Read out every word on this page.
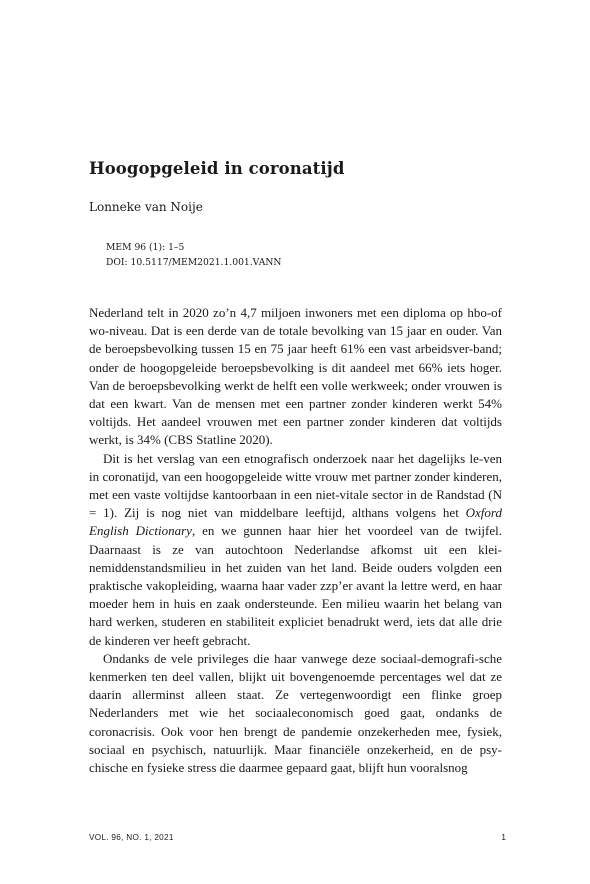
Hoogopgeleid in coronatijd
Lonneke van Noije
MEM 96 (1): 1–5
DOI: 10.5117/MEM2021.1.001.VANN

Nederland telt in 2020 zo’n 4,7 miljoen inwoners met een diploma op hbo-of wo-niveau. Dat is een derde van de totale bevolking van 15 jaar en ouder. Van de beroepsbevolking tussen 15 en 75 jaar heeft 61% een vast arbeidsver-band; onder de hoogopgeleide beroepsbevolking is dit aandeel met 66% iets hoger. Van de beroepsbevolking werkt de helft een volle werkweek; onder vrouwen is dat een kwart. Van de mensen met een partner zonder kinderen werkt 54% voltijds. Het aandeel vrouwen met een partner zonder kinderen dat voltijds werkt, is 34% (CBS Statline 2020).

Dit is het verslag van een etnografisch onderzoek naar het dagelijks le-ven in coronatijd, van een hoogopgeleide witte vrouw met partner zonder kinderen, met een vaste voltijdse kantoorbaan in een niet-vitale sector in de Randstad (N = 1). Zij is nog niet van middelbare leeftijd, althans volgens het Oxford English Dictionary, en we gunnen haar hier het voordeel van de twijfel. Daarnaast is ze van autochtoon Nederlandse afkomst uit een klei-nemiddenstandsmilieu in het zuiden van het land. Beide ouders volgden een praktische vakopleiding, waarna haar vader zzp’er avant la lettre werd, en haar moeder hem in huis en zaak ondersteunde. Een milieu waarin het belang van hard werken, studeren en stabiliteit expliciet benadrukt werd, iets dat alle drie de kinderen ver heeft gebracht.

Ondanks de vele privileges die haar vanwege deze sociaal-demografi-sche kenmerken ten deel vallen, blijkt uit bovengenoemde percentages wel dat ze daarin allerminst alleen staat. Ze vertegenwoordigt een flinke groep Nederlanders met wie het sociaaleconomisch goed gaat, ondanks de coronacrisis. Ook voor hen brengt de pandemie onzekerheden mee, fysiek, sociaal en psychisch, natuurlijk. Maar financiële onzekerheid, en de psy-chische en fysieke stress die daarmee gepaard gaat, blijft hun vooralsnog

VOL. 96, NO. 1, 2021	1
